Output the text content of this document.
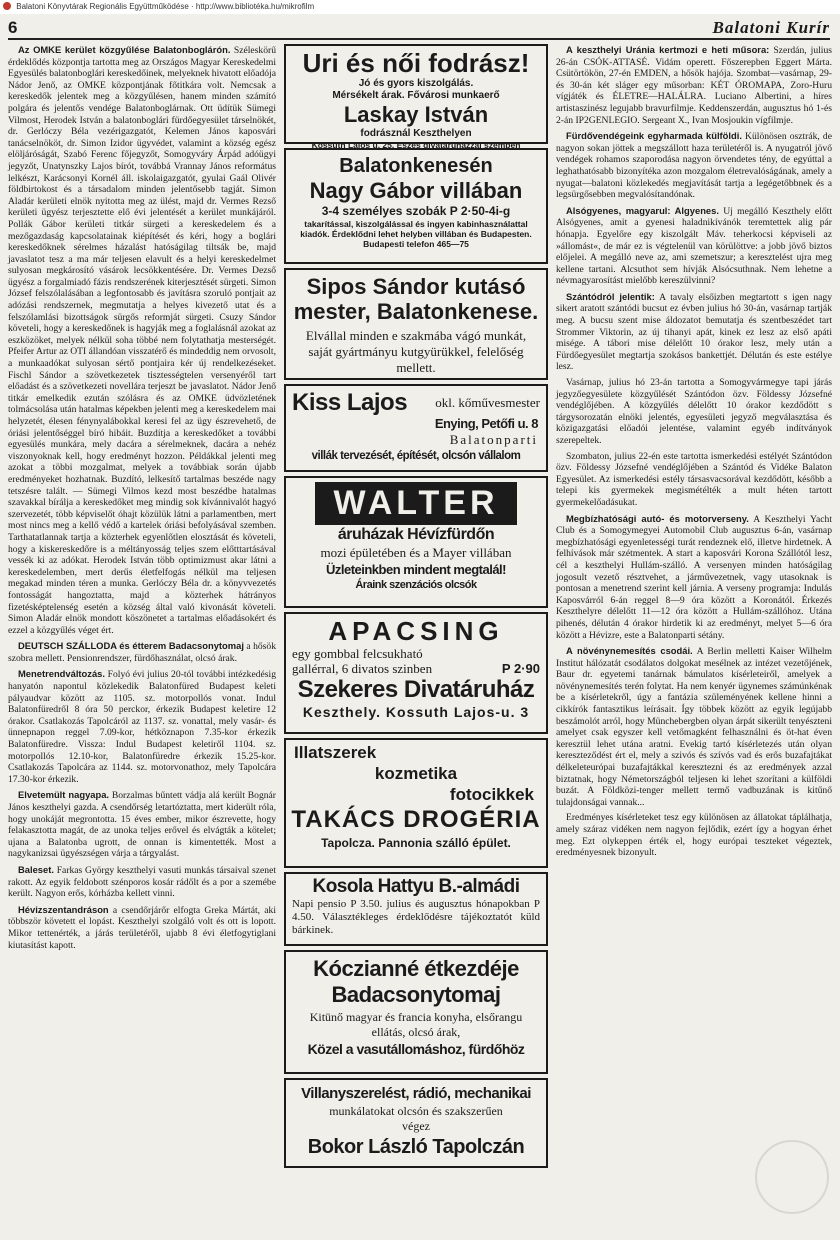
Balatoni Könyvtárak Regionális Együttműködése · http://www.bibliotéka.hu/mikrofilm
6	Balatoni Kurír

Az OMKE kerület közgyűlése Balatonboglárón. Széleskörű érdeklődés központja tartotta meg az Országos Magyar Kereskedelmi Egyesülés balatonboglári kereskedőinek, melyeknek hivatott előadója Nádor Jenő, az OMKE központjának főtitkára volt. Nemcsak a kereskedők jelentek meg a közgyűlésen, hanem minden számító polgára és jelentős vendége Balatonboglárnak. Ott üdítük Sümegi Vilmost, Herodek István a balatonboglári fürdőegyesület társelnökét, dr. Gerlóczy Béla vezérigazgatót, Kelemen János kaposvári tanácselnököt, dr. Simon Izidor ügyvédet, valamint a község egész elöljáróságát, Szabó Ferenc főjegyzőt, Somogyváry Árpád adóügyi jegyzőt, Unatynszky Lajos bírót, továbbá Vrannay János református lelkészt, Karácsonyi Kornél áll. iskolaigazgatót, gyulai Gaál Olivér földbirtokost és a társadalom minden jelentősebb tagját. Simon Aladár kerületi elnök nyitotta meg az ülést, majd dr. Vermes Rezső kerületi ügyész terjesztette elő évi jelentését a kerület munkájáról. Pollák Gábor kerületi titkár sürgeti a kereskedelem és a mezőgazdaság kapcsolatainak kiépítését és kéri, hogy a boglári kereskedőknek sérelmes házalást hatóságilag tiltsák be, majd javaslatot tesz a ma már teljesen elavult és a helyi kereskedelmet sulyosan megkárosító vásárok lecsökkentésére. Dr. Vermes Dezső ügyész a forgalmiadó fázis rendszerének kiterjesztését sürgeti. Simon József felszólalásában a legfontosabb és javításra szoruló pontjait az adózási rendszernek, megmutatja a helyes kivezető utat és a felszólamlási bizottságok sürgős reformját sürgeti. Csuzy Sándor követeli, hogy a kereskedőnek is hagyják meg a foglalásnál azokat az eszközöket, melyek nélkül soha többé nem folytathatja mesterségét. Pfeifer Artur az OTI állandóan visszatérő és mindeddig nem orvosolt, a munkaadókat sulyosan sértő pontjaira kér új rendelkezéseket. Fischl Sándor a szövetkezetek tisztességtelen versenyéről tart előadást és a szövetkezeti novellára terjeszt be javaslatot. Nádor Jenő titkár emelkedik ezután szólásra és az OMKE üdvözletének tolmácsolása után hatalmas képekben jelenti meg a kereskedelem mai helyzetét, élesen fénynyalábokkal keresi fel az ügy észrevehető, de óriási jelentőséggel bíró hibáit. Buzdítja a kereskedőket a további egyesülés munkára, mely dacára a sérelmeknek, dacára a nehéz viszonyoknak kell, hogy eredményt hozzon. Példákkal jelenti meg azokat a többi mozgalmat, melyek a továbbiak során újabb eredményeket hozhatnak. Buzdító, lelkesítő tartalmas beszéde nagy tetszésre talált. — Sümegi Vilmos kezd most beszédbe hatalmas szavakkal bírálja a kereskedőket meg mindig sok kívánnivalót hagyó szervezetét, több képviselőt óhajt közülük látni a parlamentben, mert most nincs meg a kellő védő a kartelek óriási befolyásával szemben. Tarthatatlannak tartja a közterhek egyenlőtlen elosztását és követeli, hogy a kiskereskedőre is a méltányosság teljes szem előtttartásával vessék ki az adókat. Herodek István több optimizmust akar látni a kereskedelemben, mert derűs életfelfogás nélkül ma teljesen megakad minden téren a munka. Gerlóczy Béla dr. a könyvvezetés fontosságát hangoztatta, majd a közterhek hátrányos fizetésképtelenség esetén a község által való kivonását követeli. Simon Aladár elnök mondott köszönetet a tartalmas előadásokért és ezzel a közgyűlés véget ért.

DEUTSCH SZÁLLODA és étterem Badacsonytomaj a hősök szobra mellett. Pensionrendszer, fürdőhasználat, olcsó árak.

Menetrendváltozás. Folyó évi julius 20-tól további intézkedésig hanyatón napontul közlekedik Balatonfüred Budapest keleti pályaudvar között az 1105. sz. motorpollós vonat. Indul Balatonfüredről 8 óra 50 perckor, érkezik Budapest keletire 12 órakor. Csatlakozás Tapolcáról az 1137. sz. vonattal, mely vasár- és ünnepnapon reggel 7.09-kor, hétköznapon 7.35-kor érkezik Balatonfüredre. Vissza: Indul Budapest keletiről 1104. sz. motorpollós 12.10-kor, Balatonfüredre érkezik 15.25-kor. Csatlakozás Tapolcára az 1144. sz. motorvonathoz, mely Tapolcára 17.30-kor érkezik.

Elvetemült nagyapa. Borzalmas bűntett vádja alá került Bognár János keszthelyi gazda. A csendőrség letartóztatta, mert kiderült róla, hogy unokáját megrontotta. 15 éves ember, mikor észrevette, hogy felakasztotta magát, de az unoka teljes erővel és elvágták a kötelet; ujana a Balatonba ugrott, de onnan is kimentették. Most a nagykanizsai ügyészségen várja a tárgyalást.

Baleset. Farkas György keszthelyi vasuti munkás társaival szenet rakott. Az egyik feldobott szénporos kosár rádőlt és a por a szemébe került. Nagyon erős, kórházba kellett vinni.

Hévizszentandráson a csendőrjárőr elfogta Greka Mártát, aki többször követett el lopást. Keszthelyi szolgáló volt és ott is lopott. Mikor tettenérték, a járás területéről, ujabb 8 évi életfogytiglani kiutasítást kapott.

Uri és női fodrász!
Jó és gyors kiszolgálás.
Mérsékelt árak. Fővárosi munkaerő
Laskay István
fodrásznál Keszthelyen
Kossuth Lajos u. 25. Eszes divatáruházzal szemben
Balatonkenesén
Nagy Gábor villában
3-4 személyes szobák P 2·50-4i-g
takarítással, kiszolgálással és ingyen kabinhasználattal kiadók. Érdeklődni lehet helyben villában és Budapesten. Budapesti telefon 465—75
Sipos Sándor kutásó
mester, Balatonkenese.
Elvállal minden e szakmába vágó munkát, saját gyártmányu kutgyürükkel, felelőség mellett.
Kiss Lajos okl. kőművesmester
Enying, Petőfi u. 8
Balatonparti
villák tervezését, építését, olcsón vállalom
WALTER
áruházak Hévízfürdőn
mozi épületében és a Mayer villában
Üzleteinkben mindent megtalál!
Áraink szenzációs olcsók
APACSING
egy gombbal felcsukható
gallérral, 6 divatos szinben	P 2·90
Szekeres Divatáruház
Keszthely. Kossuth Lajos-u. 3
Illatszerek
kozmetika
fotocikkek
TAKÁCS DROGÉRIA
Tapolcza. Pannonia szálló épület.
Kosola Hattyu B.-almádi
Napi pensio P 3.50. julius és augusztus hónapokban P 4.50. Választékleges érdeklődésre tájékoztatót küld bárkinek.
Kóczianné étkezdéje
Badacsonytomaj
Kitünő magyar és francia konyha, elsőrangu ellátás, olcsó árak,
Közel a vasutállomáshoz, fürdőhöz
Villanyszerelést, rádió, mechanikai
munkálatokat olcsón és szakszerűen végez
Bokor László Tapolczán

A keszthelyi Uránia kertmozi e heti műsora: Szerdán, julius 26-án CSÓK-ATTASÉ. Vidám operett. Főszerepben Eggert Márta. Csütörtökön, 27-én EMDEN, a hősök hajója. Szombat—vasárnap, 29- és 30-án két sláger egy műsorban: KÉT ÓROMAPA, Zoro-Huru vígjáték és ÉLETRE—HALÁLRA. Luciano Albertini, a híres artistaszinész legujabb bravurfilmje. Keddenszerdán, augusztus hó 1-és 2-án IP2GENLEGIO. Sergeant X., Ivan Mosjoukin vígfilmje.

Fürdővendégeink egyharmada külföldi. Különösen osztrák, de nagyon sokan jöttek a megszállott haza területéről is. A nyugatról jövő vendégek rohamos szaporodása nagyon örvendetes tény, de egyúttal a leghathatósabb bizonyítéka azon mozgalom életrevalóságának, amely a nyugat—balatoni közlekedés megjavítását tartja a legégetőbbnek és a legsürgősebben megvalósítandónak.

Alsógyenes, magyarul: Algyenes. Uj megálló Keszthely előtt Alsógyenes, amit a gyenesi haladnikívánók teremtettek alig pár hónapja. Egyelőre egy kiszolgált Máv. teherkocsi képviseli az »állomást«, de már ez is végtelenül van körülöttve: a jobb jövő biztos előjelei. A megálló neve az, ami szemetszur; a keresztelést ujra meg kellene tartani. Alcsuthot sem hívják Alsócsuthnak. Nem lehetne a névmagyarosítást mielőbb kereszülvinni?

Szántódról jelentik: A tavaly elsőizben megtartott s igen nagy sikert aratott szántódi bucsut ez évben julius hó 30-án, vasárnap tartják meg. A bucsu szent mise áldozatot bemutatja és szentbeszédet tart Strommer Viktorin, az új tihanyi apát, kinek ez lesz az első apáti misége. A tábori mise délelőtt 10 órakor lesz, mely után a Fürdőegyesület megtartja szokásos bankettjét. Délután és este estélye lesz.

Vasárnap, julius hó 23-án tartotta a Somogyvármegye tapi járás jegyzőegyesülete közgyűlését Szántódon özv. Földessy Józsefné vendéglőjében. A közgyűlés délelőtt 10 órakor kezdődött s tárgysorozatán elnöki jelentés, egyesületi jegyző megválasztása és közigazgatási előadói jelentése, valamint egyéb indítványok szerepeltek.

Szombaton, julius 22-én este tartotta ismerkedési estélyét Szántódon özv. Földessy Józsefné vendéglőjében a Szántód és Vidéke Balaton Egyesület. Az ismerkedési estély társasvacsorával kezdődött, később a telepi kis gyermekek megismétélték a mult héten tartott gyermekelőadásukat.

Megbízhatósági autó- és motorverseny. A Keszthelyi Yacht Club és a Somogymegyei Automobil Club augusztus 6-án, vasárnap megbízhatósági egyenletességi turát rendeznek elő, illetve hirdetnek. A felhívások már szétmentek. A start a kaposvári Korona Szállótól lesz, cél a keszthelyi Hullám-szálló. A versenyen minden hatóságilag jogosult vezető résztvehet, a járművezetnek, vagy utasoknak is pontosan a menetrend szerint kell járnia. A verseny programja: Indulás Kaposvárról 6-án reggel 8—9 óra között a Koronától. Érkezés Keszthelyre délelőtt 11—12 óra között a Hullám-szállóhoz. Utána pihenés, délután 4 órakor hirdetik ki az eredményt, melyet 5—6 óra között a Hévizre, este a Balatonparti sétány.

A növénynemesítés csodái. A Berlin melletti Kaiser Wilhelm Institut hálózatát csodálatos dolgokat mesélnek az intézet vezetőjének, Baur dr. egyetemi tanárnak bámulatos kísérleteiről, amelyek a növénynemesítés terén folytat. Ha nem kenyér ügynemes számúnkénak be a kísérletekről, úgy a fantázia szüleményének kellene hinni a cikkírók fantasztikus leírásait. Így többek között az egyik legújabb beszámolót arról, hogy Münchebergben olyan árpát sikerült tenyészteni amelyet csak egyszer kell vetőmagként felhasználni és öt-hat éven keresztül lehet utána aratni. Evekig tartó kísérletezés után olyan kereszteződést ért el, mely a szivós és szívós vad és erős buzafajtákat délkeleteurópai buzafajtákkal keresztezni és az eredmények azzal biztatnak, hogy Németországból teljesen ki lehet szorítani a külföldi buzát. A Földközi-tenger mellett termő vadbuzának is kitűnő tulajdonságai vannak...

Eredményes kísérleteket tesz egy különösen az állatokat táplálhatja, amely száraz vidéken nem nagyon fejlődik, ezért így a hogyan érhet meg. Ezt olykeppen érték el, hogy európai teszteket végeztek, eredményesnek bizonyult.
